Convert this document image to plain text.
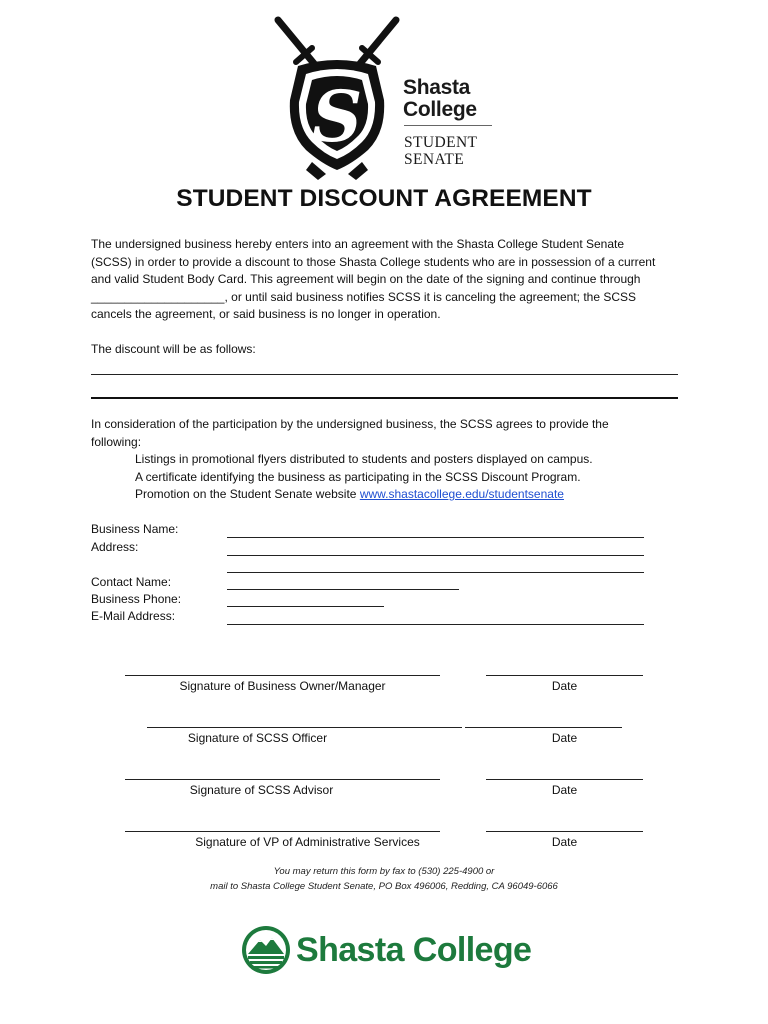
S Shasta
College
STUDENT
SENATE
STUDENT DISCOUNT AGREEMENT
The undersigned business hereby enters into an agreement with the Shasta College Student Senate
(SCSS) in order to provide a discount to those Shasta College students who are in possession of a current
and valid Student Body Card. This agreement will begin on the date of the signing and continue through
____________________, or until said business notifies SCSS it is canceling the agreement; the SCSS
cancels the agreement, or said business is no longer in operation.
The discount will be as follows:
In consideration of the participation by the undersigned business, the SCSS agrees to provide the
following:
Listings in promotional flyers distributed to students and posters displayed on campus.
A certificate identifying the business as participating in the SCSS Discount Program.
Promotion on the Student Senate website www.shastacollege.edu/studentsenate
Business Name:
Address:
Contact Name:
Business Phone:
E-Mail Address:
Signature of Business Owner/Manager	Date
Signature of SCSS Officer	Date
Signature of SCSS Advisor	Date
Signature of VP of Administrative Services	Date
You may return this form by fax to (530) 225-4900 or
mail to Shasta College Student Senate, PO Box 496006, Redding, CA 96049-6066
Shasta College
